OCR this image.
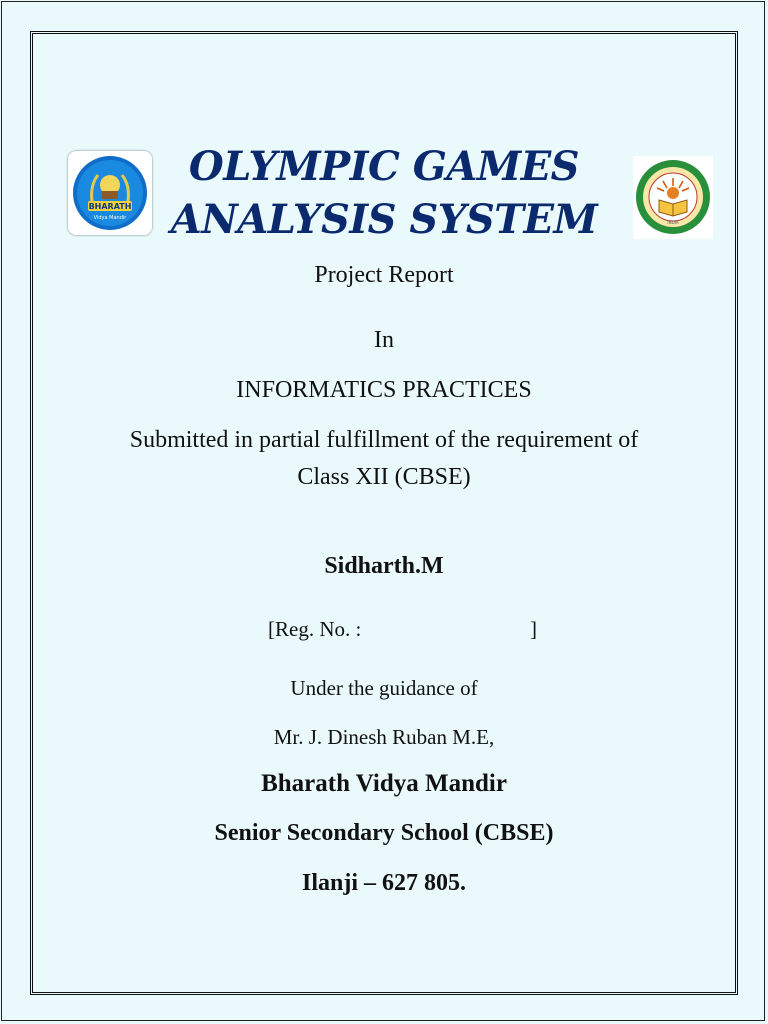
BHARATH
Vidya Mandir
INDIA
OLYMPIC GAMES
ANALYSIS SYSTEM
Project Report
In
INFORMATICS PRACTICES
Submitted in partial fulfillment of the requirement of
Class XII (CBSE)
Sidharth.M
[Reg. No. :	]
Under the guidance of
Mr. J. Dinesh Ruban M.E,
Bharath Vidya Mandir
Senior Secondary School (CBSE)
Ilanji – 627 805.
